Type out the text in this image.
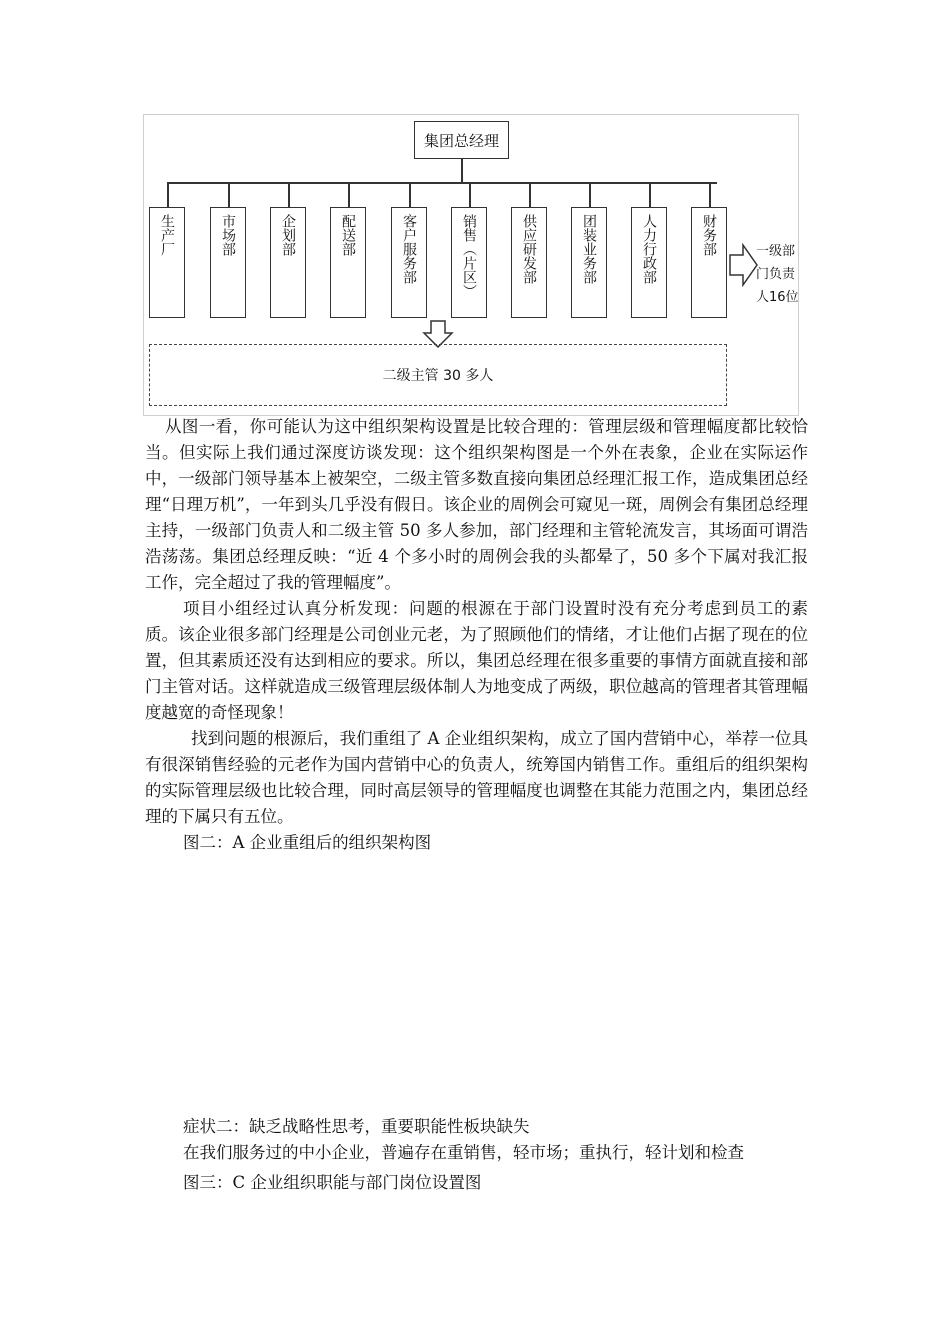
集团总经理
生产厂	市场部	企划部	配送部	客户服务部	销售（片区）	供应研发部	团装业务部	人力行政部	财务部	一级部门负责人16位
二级主管 30 多人

从图一看，你可能认为这中组织架构设置是比较合理的：管理层级和管理幅度都比较恰当。但实际上我们通过深度访谈发现：这个组织架构图是一个外在表象，企业在实际运作中，一级部门领导基本上被架空，二级主管多数直接向集团总经理汇报工作，造成集团总经理“日理万机”，一年到头几乎没有假日。该企业的周例会可窥见一斑，周例会有集团总经理主持，一级部门负责人和二级主管 50 多人参加，部门经理和主管轮流发言，其场面可谓浩浩荡荡。集团总经理反映：“近 4 个多小时的周例会我的头都晕了，50 多个下属对我汇报工作，完全超过了我的管理幅度”。

项目小组经过认真分析发现：问题的根源在于部门设置时没有充分考虑到员工的素质。该企业很多部门经理是公司创业元老，为了照顾他们的情绪，才让他们占据了现在的位置，但其素质还没有达到相应的要求。所以，集团总经理在很多重要的事情方面就直接和部门主管对话。这样就造成三级管理层级体制人为地变成了两级，职位越高的管理者其管理幅度越宽的奇怪现象！

找到问题的根源后，我们重组了 A 企业组织架构，成立了国内营销中心，举荐一位具有很深销售经验的元老作为国内营销中心的负责人，统筹国内销售工作。重组后的组织架构的实际管理层级也比较合理，同时高层领导的管理幅度也调整在其能力范围之内，集团总经理的下属只有五位。

图二：A 企业重组后的组织架构图

症状二：缺乏战略性思考，重要职能性板块缺失

在我们服务过的中小企业，普遍存在重销售，轻市场；重执行，轻计划和检查

图三：C 企业组织职能与部门岗位设置图
